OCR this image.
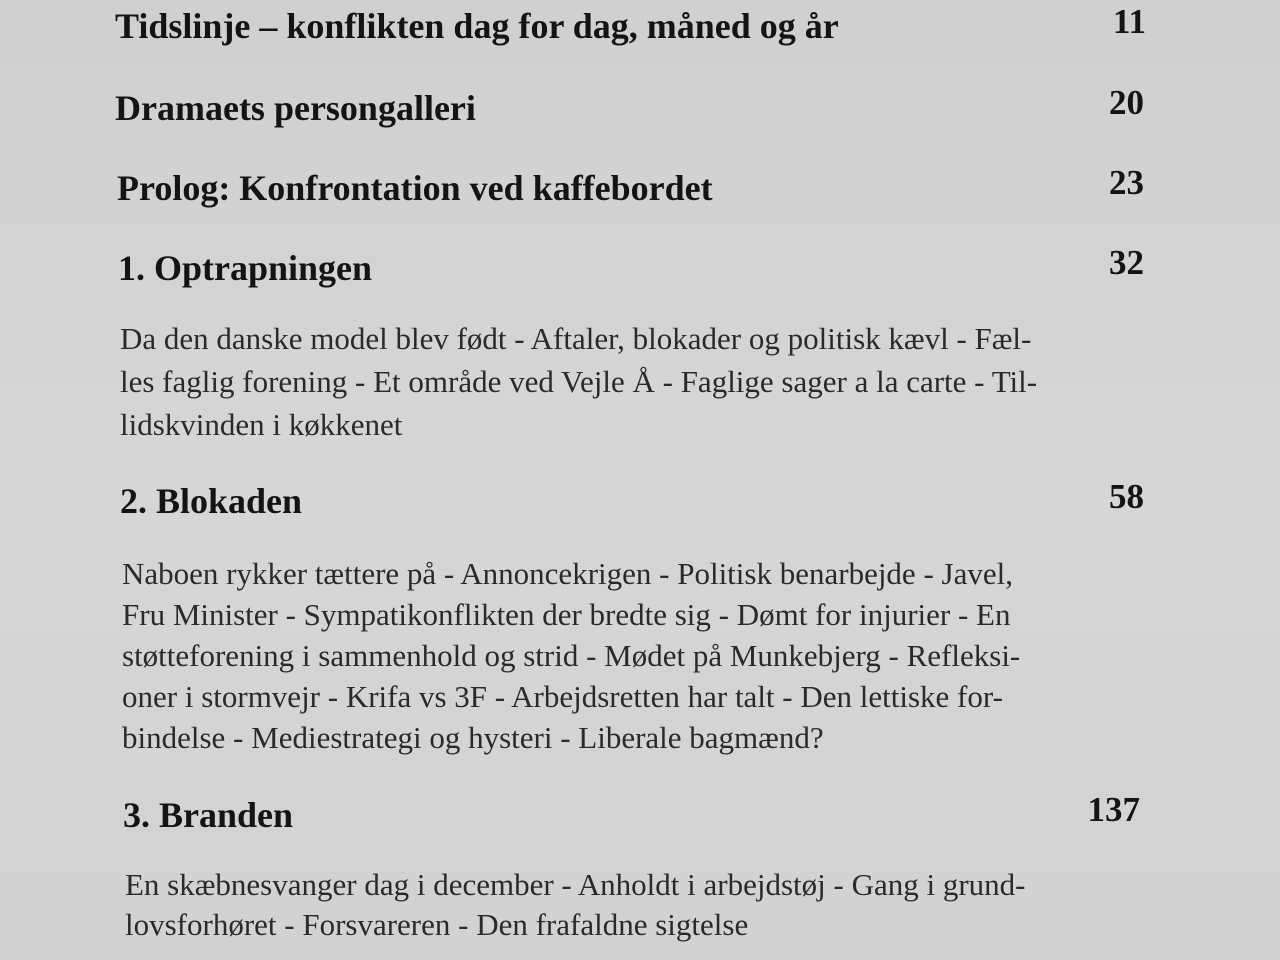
Tidslinje – konflikten dag for dag, måned og år	11
Dramaets persongalleri	20
Prolog: Konfrontation ved kaffebordet	23
1. Optrapningen	32
Da den danske model blev født - Aftaler, blokader og politisk kævl - Fæl-
les faglig forening - Et område ved Vejle Å - Faglige sager a la carte - Til-
lidskvinden i køkkenet
2. Blokaden	58
Naboen rykker tættere på - Annoncekrigen - Politisk benarbejde - Javel,
Fru Minister - Sympatikonflikten der bredte sig - Dømt for injurier - En
støtteforening i sammenhold og strid - Mødet på Munkebjerg - Refleksi-
oner i stormvejr - Krifa vs 3F - Arbejdsretten har talt - Den lettiske for-
bindelse - Mediestrategi og hysteri - Liberale bagmænd?
3. Branden	137
En skæbnesvanger dag i december - Anholdt i arbejdstøj - Gang i grund-
lovsforhøret - Forsvareren - Den frafaldne sigtelse
